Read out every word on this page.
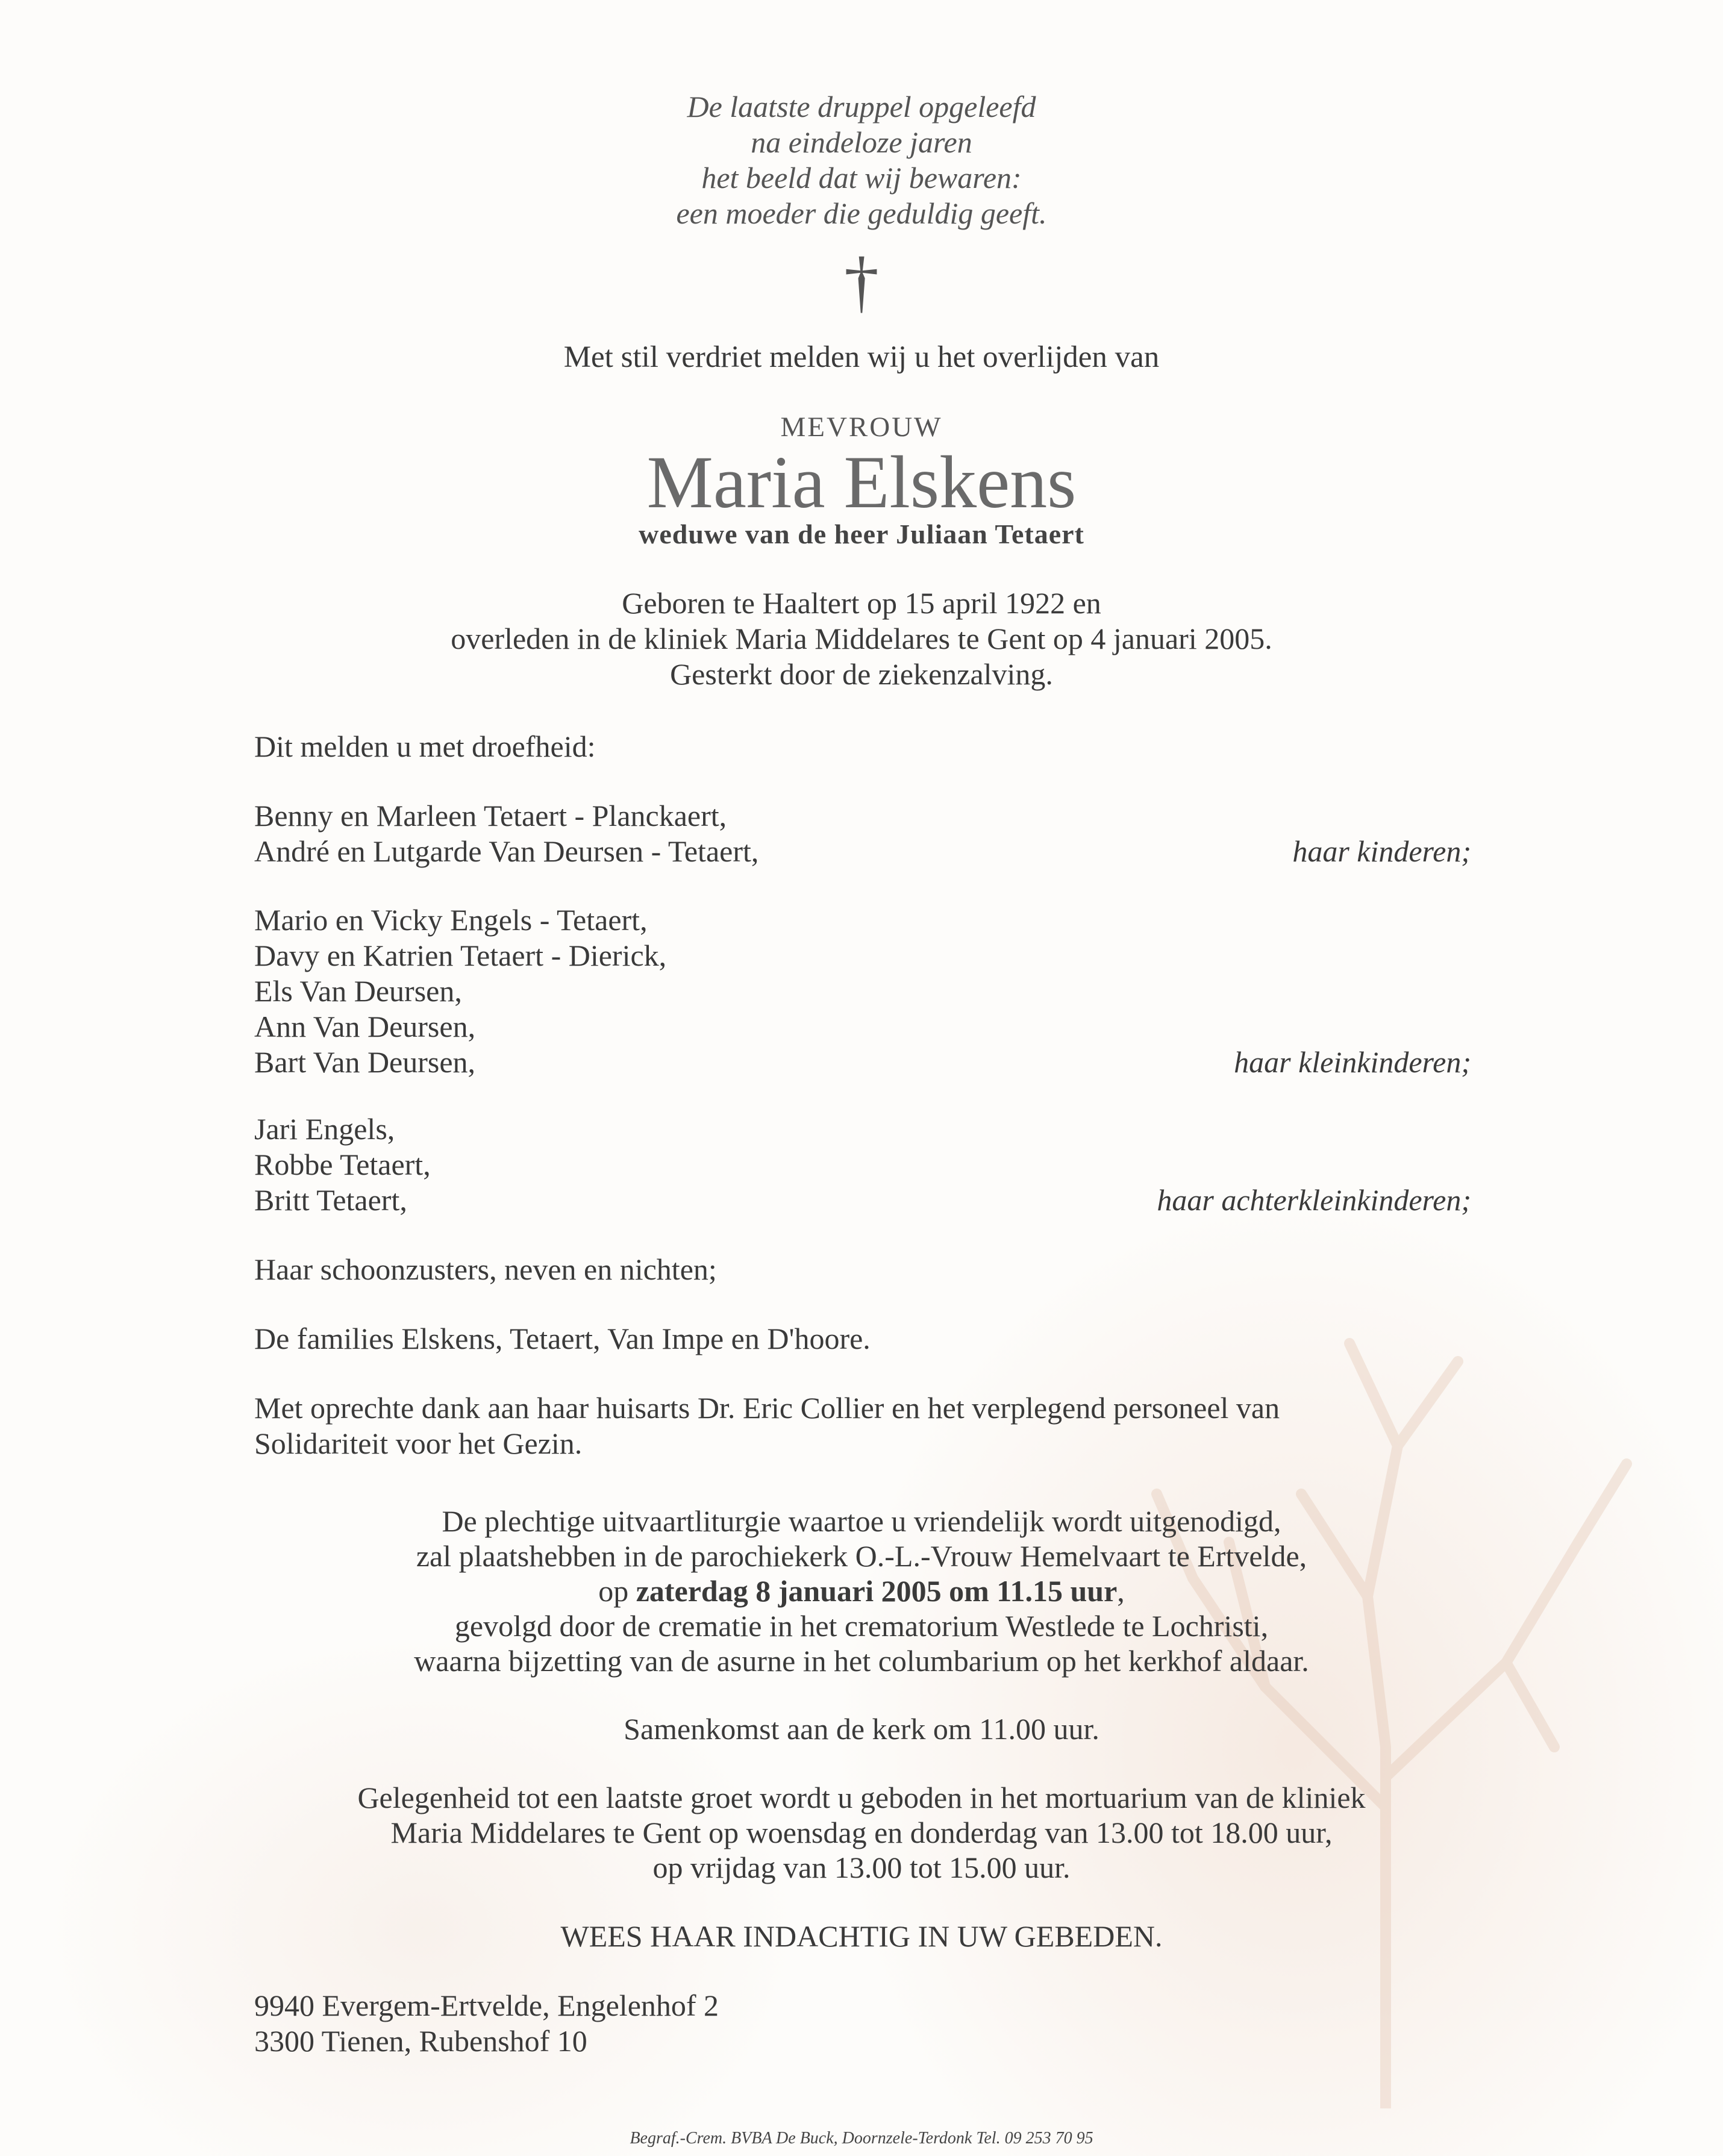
De laatste druppel opgeleefd
na eindeloze jaren
het beeld dat wij bewaren:
een moeder die geduldig geeft.
†
Met stil verdriet melden wij u het overlijden van
MEVROUW
Maria Elskens
weduwe van de heer Juliaan Tetaert
Geboren te Haaltert op 15 april 1922 en
overleden in de kliniek Maria Middelares te Gent op 4 januari 2005.
Gesterkt door de ziekenzalving.
Dit melden u met droefheid:
Benny en Marleen Tetaert - Planckaert,
André en Lutgarde Van Deursen - Tetaert,	haar kinderen;
Mario en Vicky Engels - Tetaert,
Davy en Katrien Tetaert - Dierick,
Els Van Deursen,
Ann Van Deursen,
Bart Van Deursen,	haar kleinkinderen;
Jari Engels,
Robbe Tetaert,
Britt Tetaert,	haar achterkleinkinderen;
Haar schoonzusters, neven en nichten;
De families Elskens, Tetaert, Van Impe en D'hoore.
Met oprechte dank aan haar huisarts Dr. Eric Collier en het verplegend personeel van
Solidariteit voor het Gezin.
De plechtige uitvaartliturgie waartoe u vriendelijk wordt uitgenodigd,
zal plaatshebben in de parochiekerk O.-L.-Vrouw Hemelvaart te Ertvelde,
op zaterdag 8 januari 2005 om 11.15 uur,
gevolgd door de crematie in het crematorium Westlede te Lochristi,
waarna bijzetting van de asurne in het columbarium op het kerkhof aldaar.
Samenkomst aan de kerk om 11.00 uur.
Gelegenheid tot een laatste groet wordt u geboden in het mortuarium van de kliniek
Maria Middelares te Gent op woensdag en donderdag van 13.00 tot 18.00 uur,
op vrijdag van 13.00 tot 15.00 uur.
WEES HAAR INDACHTIG IN UW GEBEDEN.
9940 Evergem-Ertvelde, Engelenhof 2
3300 Tienen, Rubenshof 10
Begraf.-Crem. BVBA De Buck, Doornzele-Terdonk Tel. 09 253 70 95
